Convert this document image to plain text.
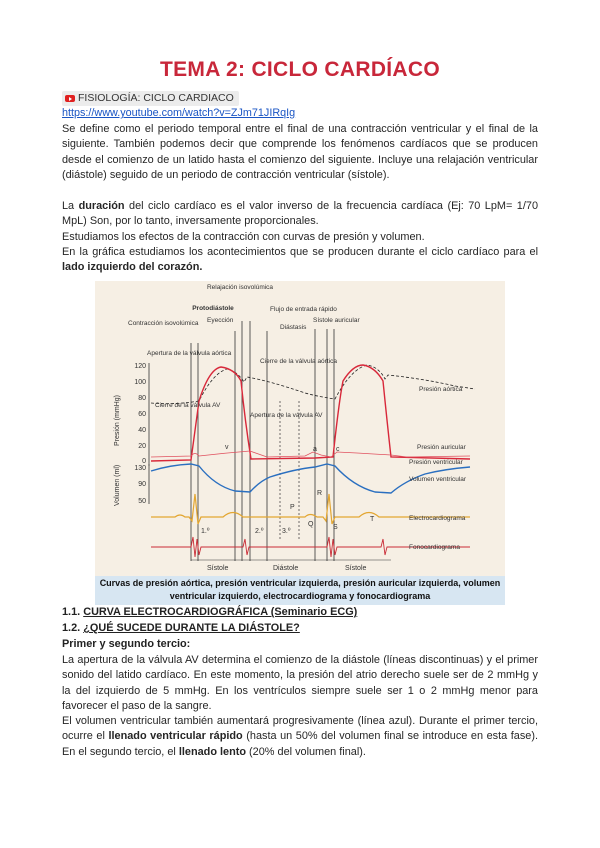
TEMA 2: CICLO CARDÍACO
FISIOLOGÍA: CICLO CARDIACO
https://www.youtube.com/watch?v=ZJm71JIRqIg
Se define como el periodo temporal entre el final de una contracción ventricular y el final de la siguiente. También podemos decir que comprende los fenómenos cardíacos que se producen desde el comienzo de un latido hasta el comienzo del siguiente. Incluye una relajación ventricular (diástole) seguido de un periodo de contracción ventricular (sístole).
La duración del ciclo cardíaco es el valor inverso de la frecuencia cardíaca (Ej: 70 LpM= 1/70 MpL) Son, por lo tanto, inversamente proporcionales.
Estudiamos los efectos de la contracción con curvas de presión y volumen.
En la gráfica estudiamos los acontecimientos que se producen durante el ciclo cardíaco para el lado izquierdo del corazón.
120
100
80
60
40
20
0
130
90
50
Presión (mmHg)
Volumen (ml)
Relajación isovolúmica
Protodiástole
Eyección
Flujo de entrada rápido
Diástasis
Sístole auricular
Contracción isovolúmica
Apertura de la válvula aórtica
Cierre de la válvula aórtica
Cierre de la válvula AV
Apertura de la válvula AV
Presión aórtica
Presión auricular
Presión ventricular
Volumen ventricular
Electrocardiograma
Fonocardiograma
a	c
v
P
Q
R
S
T
1.º	2.º	3.º
Sístole	Diástole	Sístole
Curvas de presión aórtica, presión ventricular izquierda, presión auricular izquierda, volumen ventricular izquierdo, electrocardiograma y fonocardiograma
1.1. CURVA ELECTROCARDIOGRÁFICA (Seminario ECG)
1.2. ¿QUÉ SUCEDE DURANTE LA DIÁSTOLE?
Primer y segundo tercio:
La apertura de la válvula AV determina el comienzo de la diástole (líneas discontinuas) y el primer sonido del latido cardíaco. En este momento, la presión del atrio derecho suele ser de 2 mmHg y la del izquierdo de 5 mmHg. En los ventrículos siempre suele ser 1 o 2 mmHg menor para favorecer el paso de la sangre.
El volumen ventricular también aumentará progresivamente (línea azul). Durante el primer tercio, ocurre el llenado ventricular rápido (hasta un 50% del volumen final se introduce en esta fase). En el segundo tercio, el llenado lento (20% del volumen final).
